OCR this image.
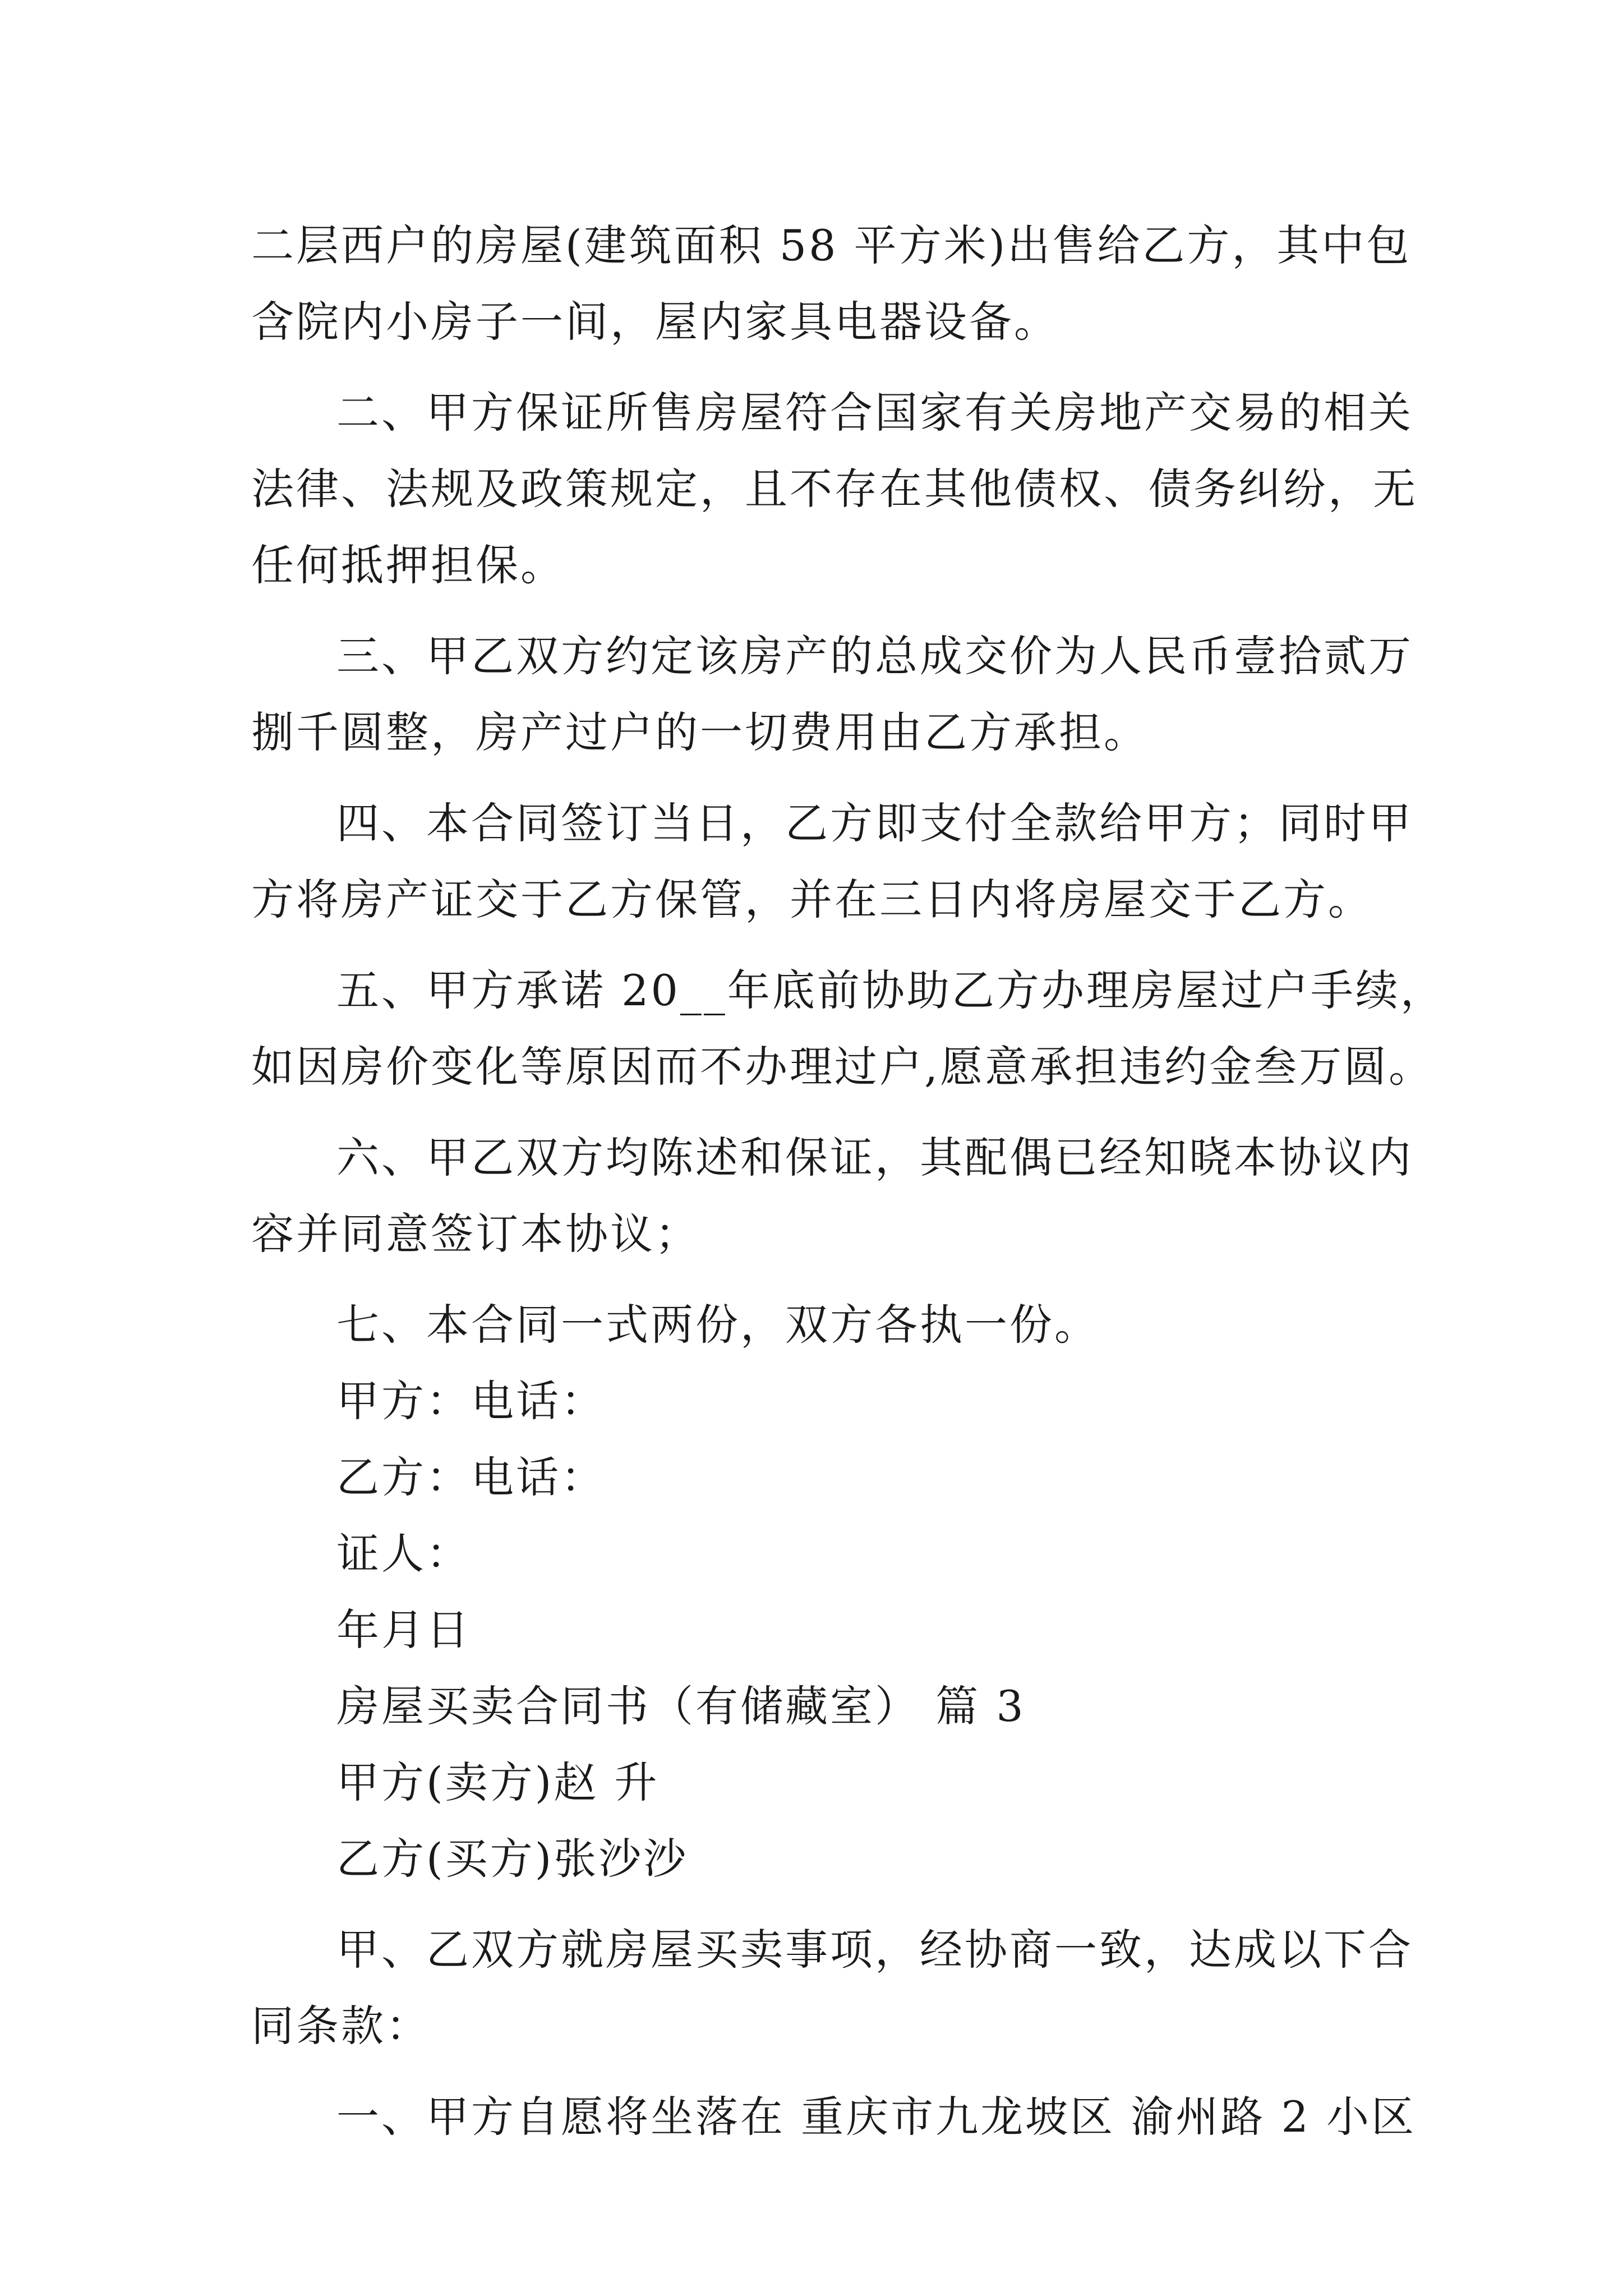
二层西户的房屋(建筑面积 58 平方米)出售给乙方，其中包
含院内小房子一间，屋内家具电器设备。
二、甲方保证所售房屋符合国家有关房地产交易的相关
法律、法规及政策规定，且不存在其他债权、债务纠纷，无
任何抵押担保。
三、甲乙双方约定该房产的总成交价为人民币壹拾贰万
捌千圆整，房产过户的一切费用由乙方承担。
四、本合同签订当日，乙方即支付全款给甲方；同时甲
方将房产证交于乙方保管，并在三日内将房屋交于乙方。
五、甲方承诺 20__年底前协助乙方办理房屋过户手续，
如因房价变化等原因而不办理过户,愿意承担违约金叁万圆。
六、甲乙双方均陈述和保证，其配偶已经知晓本协议内
容并同意签订本协议；
七、本合同一式两份，双方各执一份。
甲方：电话：
乙方：电话：
证人：
年月日
房屋买卖合同书（有储藏室） 篇 3
甲方(卖方)赵 升
乙方(买方)张沙沙
甲、乙双方就房屋买卖事项，经协商一致，达成以下合
同条款：
一、甲方自愿将坐落在 重庆市九龙坡区 渝州路 2 小区
